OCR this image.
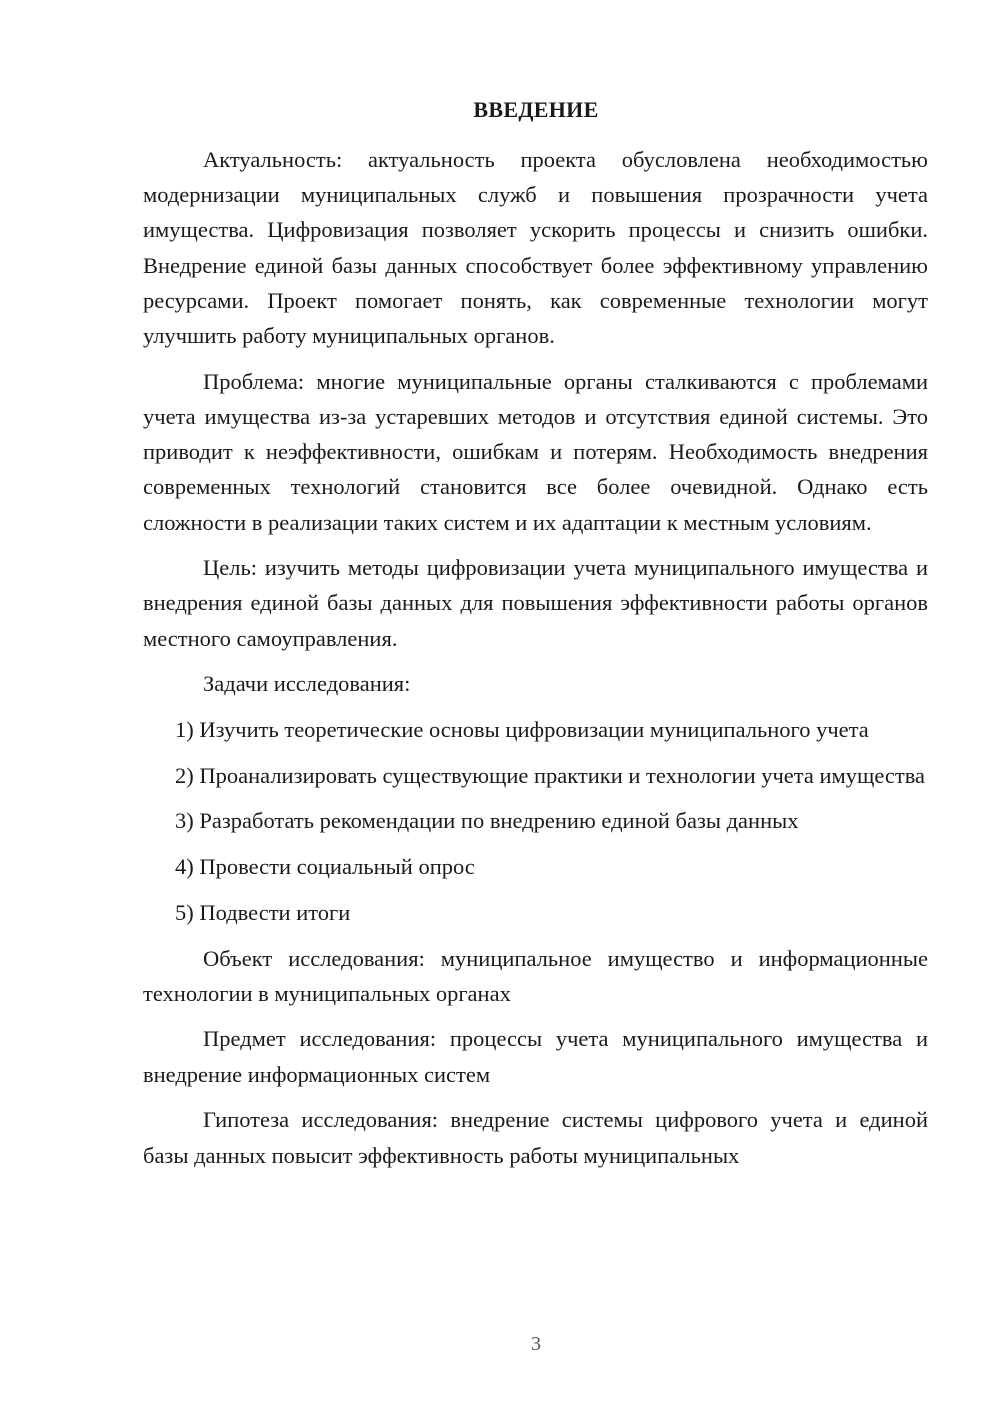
ВВЕДЕНИЕ

Актуальность: актуальность проекта обусловлена необходимостью модернизации муниципальных служб и повышения прозрачности учета имущества. Цифровизация позволяет ускорить процессы и снизить ошибки. Внедрение единой базы данных способствует более эффективному управлению ресурсами. Проект помогает понять, как современные технологии могут улучшить работу муниципальных органов.

Проблема: многие муниципальные органы сталкиваются с проблемами учета имущества из-за устаревших методов и отсутствия единой системы. Это приводит к неэффективности, ошибкам и потерям. Необходимость внедрения современных технологий становится все более очевидной. Однако есть сложности в реализации таких систем и их адаптации к местным условиям.

Цель: изучить методы цифровизации учета муниципального имущества и внедрения единой базы данных для повышения эффективности работы органов местного самоуправления.

Задачи исследования:

1) Изучить теоретические основы цифровизации муниципального учета

2) Проанализировать существующие практики и технологии учета имущества

3) Разработать рекомендации по внедрению единой базы данных

4) Провести социальный опрос

5) Подвести итоги

Объект исследования: муниципальное имущество и информационные технологии в муниципальных органах

Предмет исследования: процессы учета муниципального имущества и внедрение информационных систем

Гипотеза исследования: внедрение системы цифрового учета и единой базы данных повысит эффективность работы муниципальных

3
